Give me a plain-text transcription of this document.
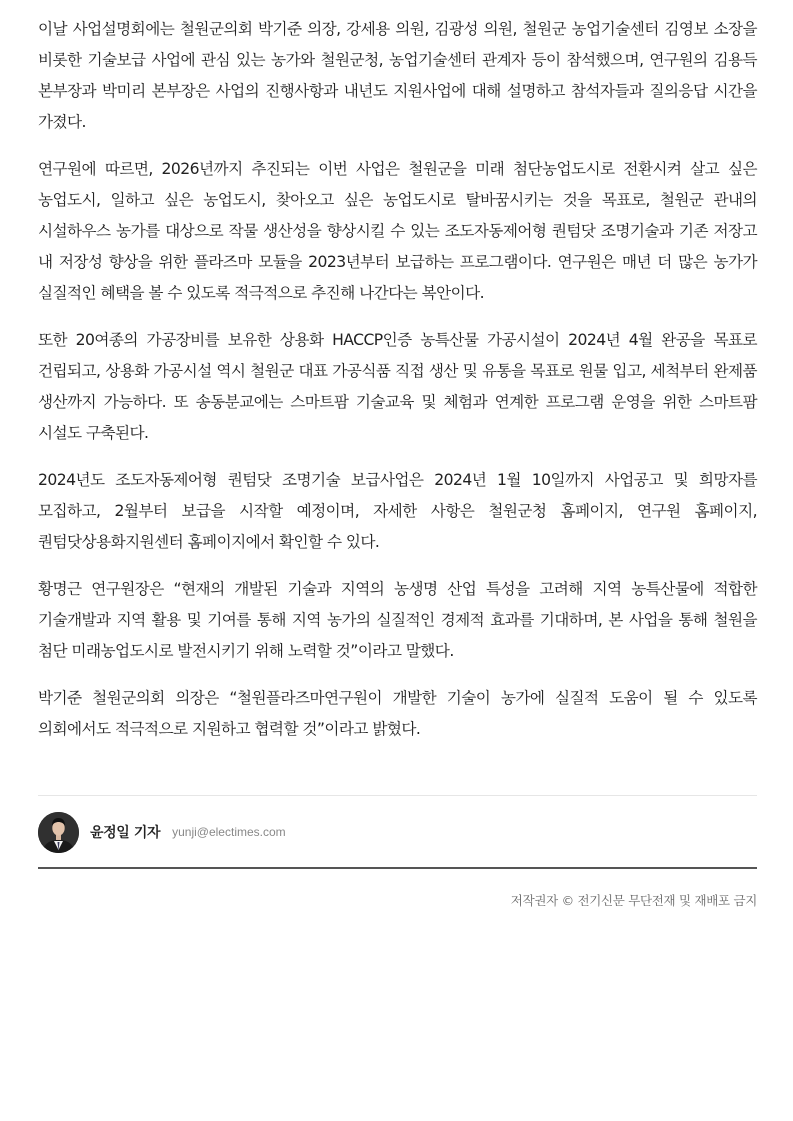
이날 사업설명회에는 철원군의회 박기준 의장, 강세용 의원, 김광성 의원, 철원군 농업기술센터 김영보 소장을 비롯한 기술보급 사업에 관심 있는 농가와 철원군청, 농업기술센터 관계자 등이 참석했으며, 연구원의 김용득 본부장과 박미리 본부장은 사업의 진행사항과 내년도 지원사업에 대해 설명하고 참석자들과 질의응답 시간을 가졌다.

연구원에 따르면, 2026년까지 추진되는 이번 사업은 철원군을 미래 첨단농업도시로 전환시켜 살고 싶은 농업도시, 일하고 싶은 농업도시, 찾아오고 싶은 농업도시로 탈바꿈시키는 것을 목표로, 철원군 관내의 시설하우스 농가를 대상으로 작물 생산성을 향상시킬 수 있는 조도자동제어형 퀀텀닷 조명기술과 기존 저장고 내 저장성 향상을 위한 플라즈마 모듈을 2023년부터 보급하는 프로그램이다. 연구원은 매년 더 많은 농가가 실질적인 혜택을 볼 수 있도록 적극적으로 추진해 나간다는 복안이다.

또한 20여종의 가공장비를 보유한 상용화 HACCP인증 농특산물 가공시설이 2024년 4월 완공을 목표로 건립되고, 상용화 가공시설 역시 철원군 대표 가공식품 직접 생산 및 유통을 목표로 원물 입고, 세척부터 완제품 생산까지 가능하다. 또 송동분교에는 스마트팜 기술교육 및 체험과 연계한 프로그램 운영을 위한 스마트팜 시설도 구축된다.

2024년도 조도자동제어형 퀀텀닷 조명기술 보급사업은 2024년 1월 10일까지 사업공고 및 희망자를 모집하고, 2월부터 보급을 시작할 예정이며, 자세한 사항은 철원군청 홈페이지, 연구원 홈페이지, 퀀텀닷상용화지원센터 홈페이지에서 확인할 수 있다.

황명근 연구원장은 “현재의 개발된 기술과 지역의 농생명 산업 특성을 고려해 지역 농특산물에 적합한 기술개발과 지역 활용 및 기여를 통해 지역 농가의 실질적인 경제적 효과를 기대하며, 본 사업을 통해 철원을 첨단 미래농업도시로 발전시키기 위해 노력할 것”이라고 말했다.

박기준 철원군의회 의장은 “철원플라즈마연구원이 개발한 기술이 농가에 실질적 도움이 될 수 있도록 의회에서도 적극적으로 지원하고 협력할 것”이라고 밝혔다.

윤정일 기자 yunji@electimes.com
저작권자 © 전기신문 무단전재 및 재배포 금지
